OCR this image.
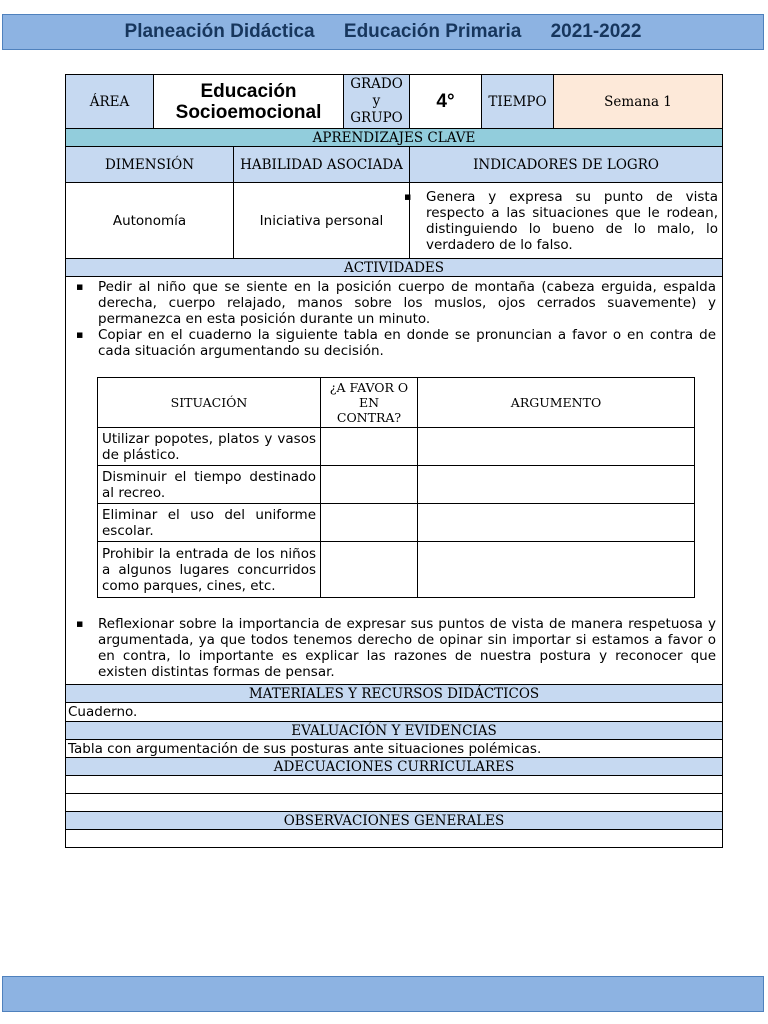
Planeación Didáctica Educación Primaria 2021-2022
ÁREA	Educación Socioemocional	GRADO y GRUPO	4°	TIEMPO	Semana 1
APRENDIZAJES CLAVE
DIMENSIÓN	HABILIDAD ASOCIADA	INDICADORES DE LOGRO
Autonomía	Iniciativa personal	
▪ Genera y expresa su punto de vista respecto a las situaciones que le rodean, distinguiendo lo bueno de lo malo, lo verdadero de lo falso.

ACTIVIDADES

▪ Pedir al niño que se siente en la posición cuerpo de montaña (cabeza erguida, espalda derecha, cuerpo relajado, manos sobre los muslos, ojos cerrados suavemente) y permanezca en esta posición durante un minuto.
▪ Copiar en el cuaderno la siguiente tabla en donde se pronuncian a favor o en contra de cada situación argumentando su decisión.
SITUACIÓN	¿A FAVOR O EN CONTRA?	ARGUMENTO
Utilizar popotes, platos y vasos de plástico.		
Disminuir el tiempo destinado al recreo.		
Eliminar el uso del uniforme escolar.		
Prohibir la entrada de los niños a algunos lugares concurridos como parques, cines, etc.		
▪ Reflexionar sobre la importancia de expresar sus puntos de vista de manera respetuosa y argumentada, ya que todos tenemos derecho de opinar sin importar si estamos a favor o en contra, lo importante es explicar las razones de nuestra postura y reconocer que existen distintas formas de pensar.

MATERIALES Y RECURSOS DIDÁCTICOS
Cuaderno.
EVALUACIÓN Y EVIDENCIAS
Tabla con argumentación de sus posturas ante situaciones polémicas.
ADECUACIONES CURRICULARES

OBSERVACIONES GENERALES
